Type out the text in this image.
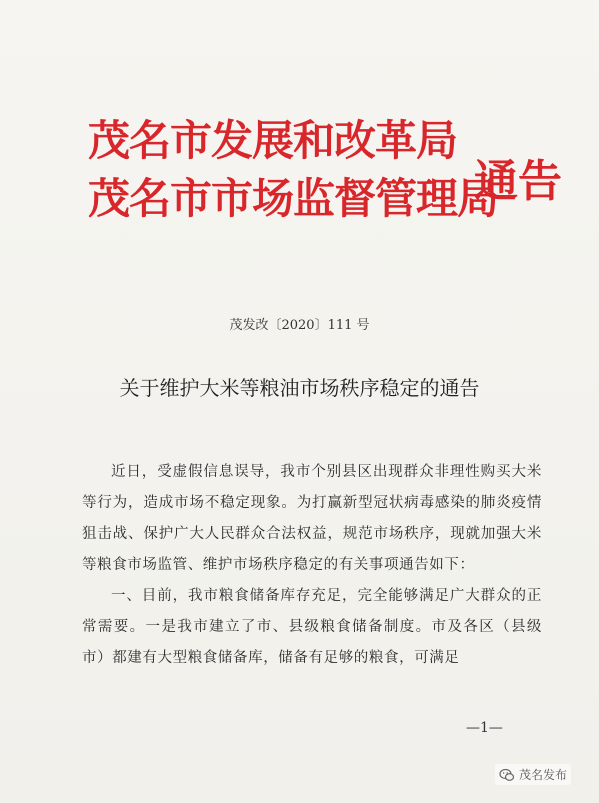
茂名市发展和改革局
茂名市市场监督管理局
通告
茂发改〔2020〕111 号
关于维护大米等粮油市场秩序稳定的通告

近日，受虚假信息误导，我市个别县区出现群众非理性购买大米等行为，造成市场不稳定现象。为打赢新型冠状病毒感染的肺炎疫情狙击战、保护广大人民群众合法权益，规范市场秩序，现就加强大米等粮食市场监管、维护市场秩序稳定的有关事项通告如下：

一、目前，我市粮食储备库存充足，完全能够满足广大群众的正常需要。一是我市建立了市、县级粮食储备制度。市及各区（县级市）都建有大型粮食储备库，储备有足够的粮食，可满足

—1—
茂名发布
